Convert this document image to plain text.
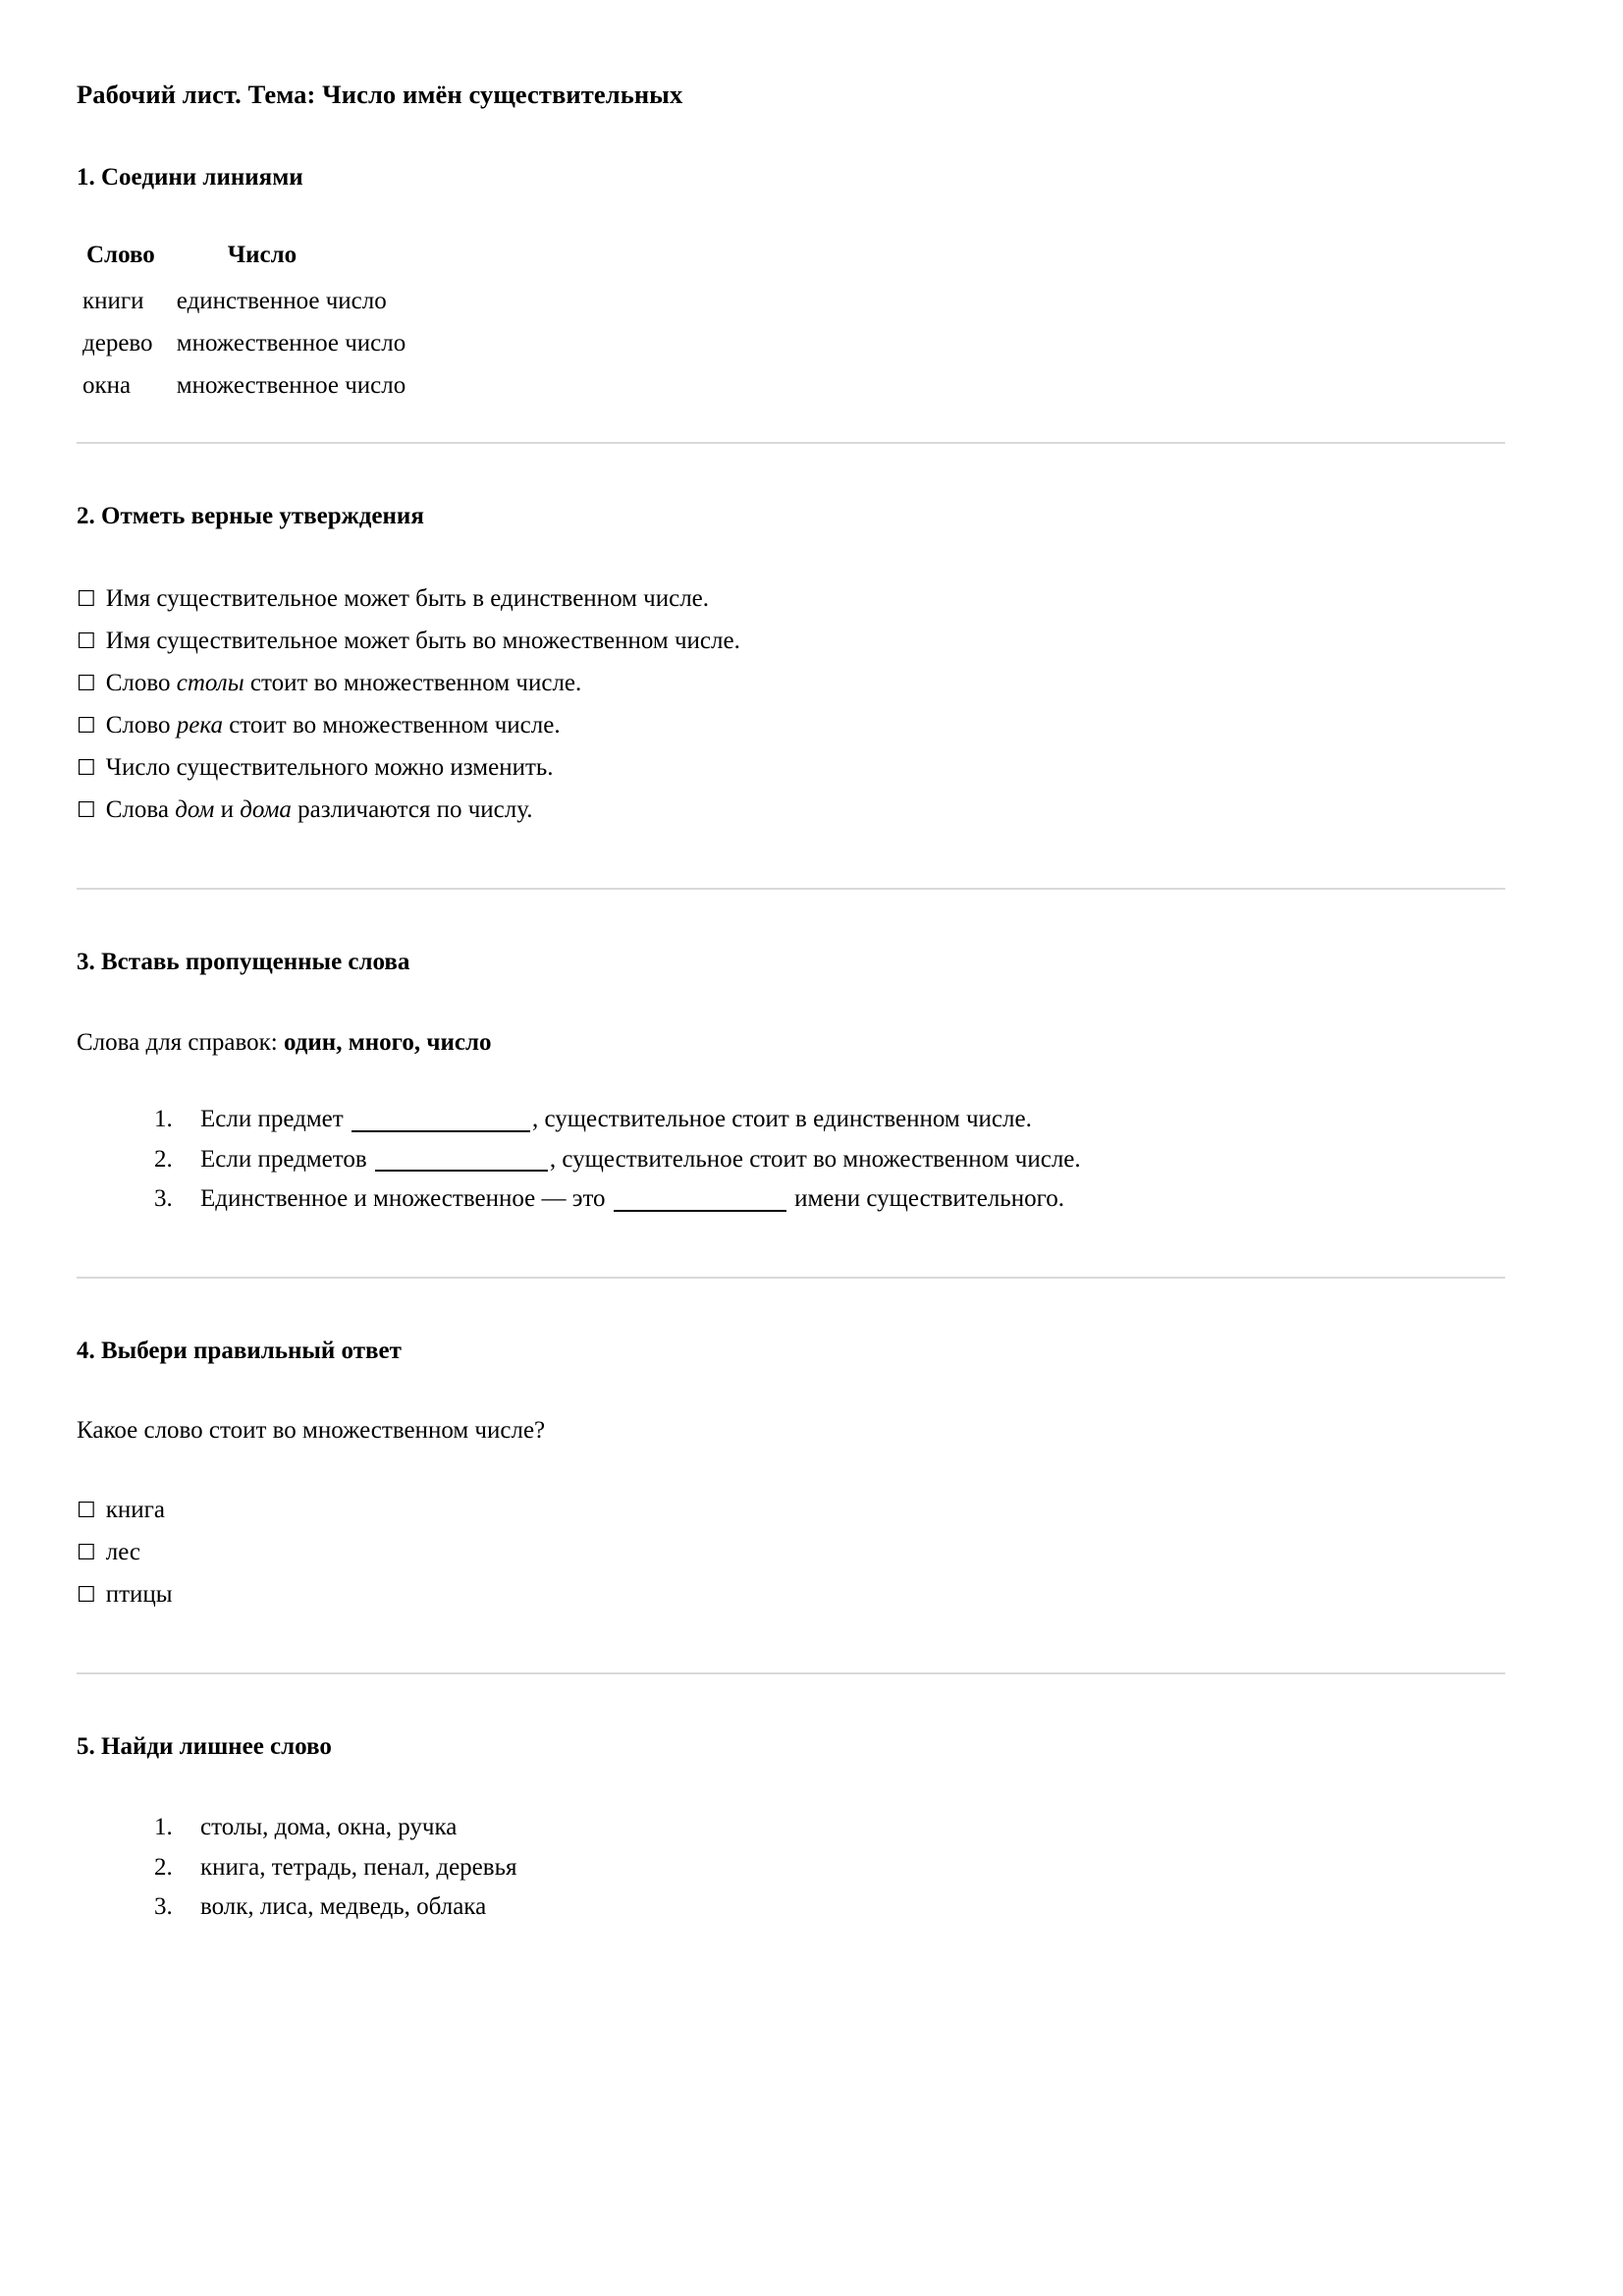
Рабочий лист. Тема: Число имён существительных
1. Соедини линиями
Слово	Число
книги	единственное число
дерево	множественное число
окна	множественное число
2. Отметь верные утверждения
☐ Имя существительное может быть в единственном числе.
☐ Имя существительное может быть во множественном числе.
☐ Слово столы стоит во множественном числе.
☐ Слово река стоит во множественном числе.
☐ Число существительного можно изменить.
☐ Слова дом и дома различаются по числу.
3. Вставь пропущенные слова

Слова для справок: один, много, число

1. Если предмет	, существительное стоит в единственном числе.
2. Если предметов	, существительное стоит во множественном числе.
3. Единственное и множественное — это	имени существительного.
4. Выбери правильный ответ

Какое слово стоит во множественном числе?

☐ книга
☐ лес
☐ птицы
5. Найди лишнее слово
1. столы, дома, окна, ручка
2. книга, тетрадь, пенал, деревья
3. волк, лиса, медведь, облака
